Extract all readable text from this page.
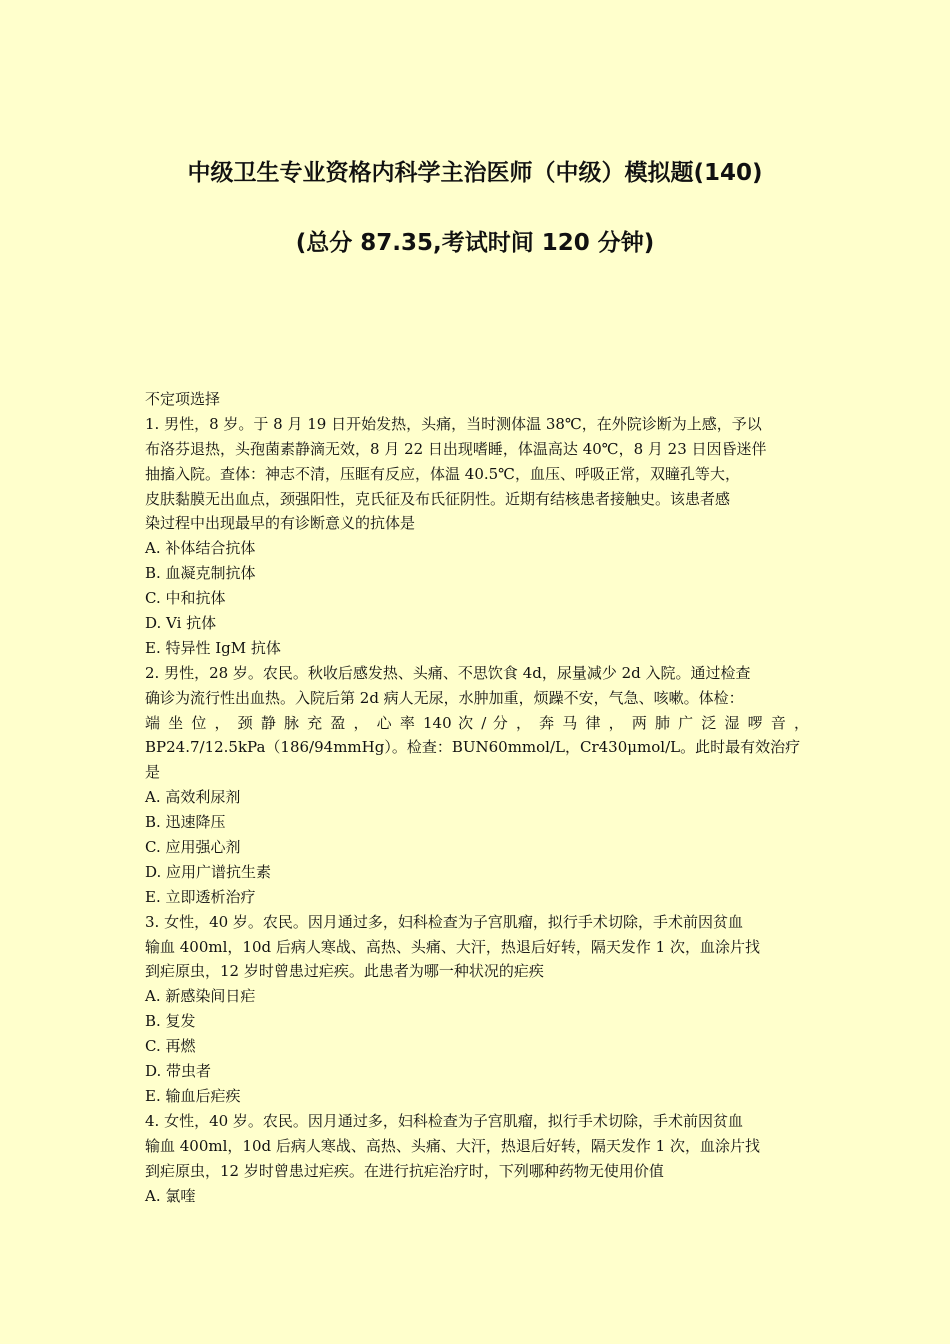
中级卫生专业资格内科学主治医师（中级）模拟题(140)
(总分 87.35,考试时间 120 分钟)
不定项选择
1. 男性，8 岁。于 8 月 19 日开始发热，头痛，当时测体温 38℃，在外院诊断为上感，予以
布洛芬退热，头孢菌素静滴无效，8 月 22 日出现嗜睡，体温高达 40℃，8 月 23 日因昏迷伴
抽搐入院。查体：神志不清，压眶有反应，体温 40.5℃，血压、呼吸正常，双瞳孔等大，
皮肤黏膜无出血点，颈强阳性，克氏征及布氏征阴性。近期有结核患者接触史。该患者感
染过程中出现最早的有诊断意义的抗体是
A. 补体结合抗体
B. 血凝克制抗体
C. 中和抗体
D. Vi 抗体
E. 特异性 IgM 抗体
2. 男性，28 岁。农民。秋收后感发热、头痛、不思饮食 4d，尿量减少 2d 入院。通过检查
确诊为流行性出血热。入院后第 2d 病人无尿，水肿加重，烦躁不安，气急、咳嗽。体检：
端 坐 位 ， 颈 静 脉 充 盈 ， 心 率 140 次 / 分 ， 奔 马 律 ， 两 肺 广 泛 湿 啰 音 ，
BP24.7/12.5kPa（186/94mmHg）。检查：BUN60mmol/L，Cr430μmol/L。此时最有效治疗
是
A. 高效利尿剂
B. 迅速降压
C. 应用强心剂
D. 应用广谱抗生素
E. 立即透析治疗
3. 女性，40 岁。农民。因月通过多，妇科检查为子宫肌瘤，拟行手术切除，手术前因贫血
输血 400ml，10d 后病人寒战、高热、头痛、大汗，热退后好转，隔天发作 1 次，血涂片找
到疟原虫，12 岁时曾患过疟疾。此患者为哪一种状况的疟疾
A. 新感染间日疟
B. 复发
C. 再燃
D. 带虫者
E. 输血后疟疾
4. 女性，40 岁。农民。因月通过多，妇科检查为子宫肌瘤，拟行手术切除，手术前因贫血
输血 400ml，10d 后病人寒战、高热、头痛、大汗，热退后好转，隔天发作 1 次，血涂片找
到疟原虫，12 岁时曾患过疟疾。在进行抗疟治疗时，下列哪种药物无使用价值
A. 氯喹
